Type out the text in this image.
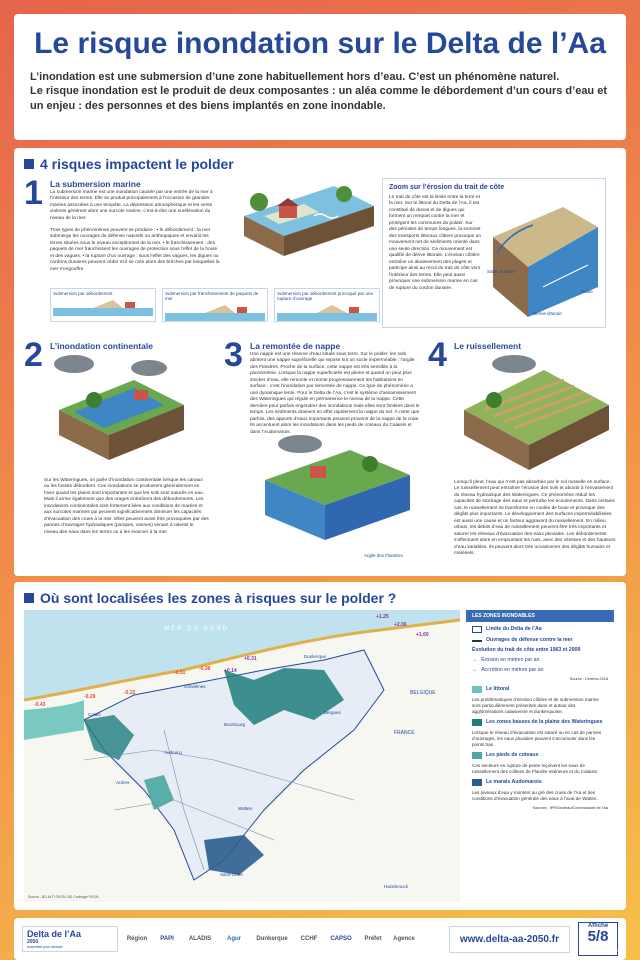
Le risque inondation sur le Delta de l’Aa

L’inondation est une submersion d’une zone habituellement hors d’eau. C’est un phénomène naturel.

Le risque inondation est le produit de deux composantes : un aléa comme le débordement d’un cours d’eau et un enjeu : des personnes et des biens implantés en zone inondable.

4 risques impactent le polder
1 La submersion marine
La submersion marine est une inondation causée par une entrée de la mer à l’intérieur des terres. Elle se produit principalement à l’occasion de grandes marées associées à une tempête. La dépression atmosphérique et les vents violents génèrent alors une surcote marine, c’est-à-dire une surélévation du niveau de la mer.
Trois types de phénomènes peuvent se produire : • le débordement : la mer submerge les ouvrages de défense naturels ou anthropiques et envahit les terres situées sous le niveau exceptionnel de la mer. • le franchissement : des paquets de mer franchissent les ouvrages de protection sous l’effet de la houle et des vagues. • la rupture d’un ouvrage : sous l’effet des vagues, les digues ou cordons dunaires peuvent céder et il se crée alors des brèches par lesquelles la mer s’engouffre.
Submersion par débordement	Submersion par franchissement de paquets de mer
Submersion par débordement provoqué par une rupture d’ouvrage
Zoom sur l’érosion du trait de côte
Le trait de côte est la limite entre la terre et la mer. Sur le littoral du Delta de l’Aa, il est constitué de dunes et de digues qui forment un rempart contre la mer et protègent les communes du polder. Sur des périodes de temps longues, la sommet des transports littoraux côtiers provoque un mouvement net de sédiments orienté dans une seule direction. Ce mouvement est qualifié de dérive littorale. L’érosion côtière entraîne un abaissement des plages et participe ainsi au recul du trait de côte vers l’intérieur des terres. Elle peut aussi provoquer une submersion marine en cas de rupture du cordon dunaire.
Sable dunaire
Dérive littorale
Houle
2 L’inondation continentale
Sur les Wateringues, on parle d’inondation continentale lorsque les canaux ou les fossés débordent. Ces inondations se produisent généralement en hiver quand les pluies sont importantes et que les sols sont saturés en eau. Mais il arrive également que des orages entraînent des débordements. Les inondations continentales sont fortement liées aux conditions de marées et aux surcotes marines qui peuvent significativement diminuer les capacités d’évacuation des crues à la mer. Elles peuvent aussi être provoquées par des pannes d’ouvrages hydrauliques (pompes, vannes) venant à ralentir le niveau des eaux dans les terres ou à les évacuer à la mer.
3 La remontée de nappe
Une nappe est une réserve d’eau située sous terre. Sur le polder, les sols abritent une nappe superficielle qui repose sur un socle imperméable : l’argile des Flandres. Proche de la surface, cette nappe est très sensible à la pluviométrie. Lorsque la nappe superficielle est pleine et quand on peut plus stocker d’eau, elle remonte et monte progressivement les habitations en surface : c’est l’inondation par remontée de nappe. Ce type de phénomène a une dynamique lente. Pour le Delta de l’Aa, c’est le système d’assainissement des Wateringues qui régule en permanence le niveau de la nappe. Cette dernière peut parfois engendrer des inondations mais elles sont limitées dans le temps. Les sédiments drainent en effet rapidement la nappe du sol. À noter que parfois, des apports d’eaux importants peuvent provenir de la nappe de la craie. Ils accentuent alors les inondations dans les pieds de coteaux du Calaisis et dans l’Audomarois.
Argile des Flandres
4 Le ruissellement
Lorsqu’il pleut, l’eau qui n’est pas absorbée par le sol ruisselle en surface. Le ruissellement peut entraîner l’érosion des sols et aboutir à l’envasement du réseau hydraulique des Wateringues. Ce phénomène réduit les capacités de stockage des eaux et perturbe les écoulements. Dans certains cas, le ruissellement se transforme en coulée de boue et provoque des dégâts plus importants. Le développement des surfaces imperméabilisées est aussi une cause et un facteur aggravant du ruissellement. En milieu urbain, les débits d’eau de ruissellement peuvent être très importants et saturer les réseaux d’évacuation des eaux pluviales. Les débordements s’effectuent alors en empruntant les rues, avec des vitesses et des hauteurs d’eau variables. Ils peuvent alors très occasionner des dégâts humains et matériels.
Où sont localisées les zones à risques sur le polder ?
MER DU NORD
BELGIQUE
FRANCE
Calais
Gravelines
Dunkerque
Watten
Saint-Omer
Audruicq
Ardres
Bourbourg
Bergues
Hazebrouck
-0.43
-0.29
-0.22
-0.51
-0.38	+0.14
+0.31
+1.25
+2.06
+1.60
Source : BD ALTI ®/IGN, BD Carthage ®/IGN
LES ZONES INONDABLES
Limite du Delta de l’Aa
Ouvrages de défense contre la mer
Évolution du trait de côte entre 1963 et 2009
→ Érosion en mètres par an
→ Accrétion en mètres par an
Source : Cerema 2018
Le littoral
Les problématiques d’érosion côtière et de submersion marine sont particulièrement présentes dans et autour des agglomérations calaisienne et dunkerquoise.
Les zones basses de la plaine des Wateringues
Lorsque le réseau d’évacuation est saturé ou en cas de pannes d’ouvrages, les eaux pluviales peuvent s’accumuler dans les points bas.
Les pieds de coteaux
Ces secteurs en rupture de pente reçoivent les eaux de ruissellement des collines de Flandre intérieure et du Calaisis.
Le marais Audomarois
Les niveaux d’eau y montent au gré des crues de l’Aa et des conditions d’évacuation générale des eaux à l’aval de Watten.
Sources : IPR/Gesteau/Communauté de l’Aa
Delta de l’Aa
2050
ensemble pour demain
Région	PAPI	ALADIS	Agur	Dunkerque	CCHF	CAPSO	Préfet	Agence	www.delta-aa-2050.fr
Affiche
5/8
Réalisation VRF 2019
